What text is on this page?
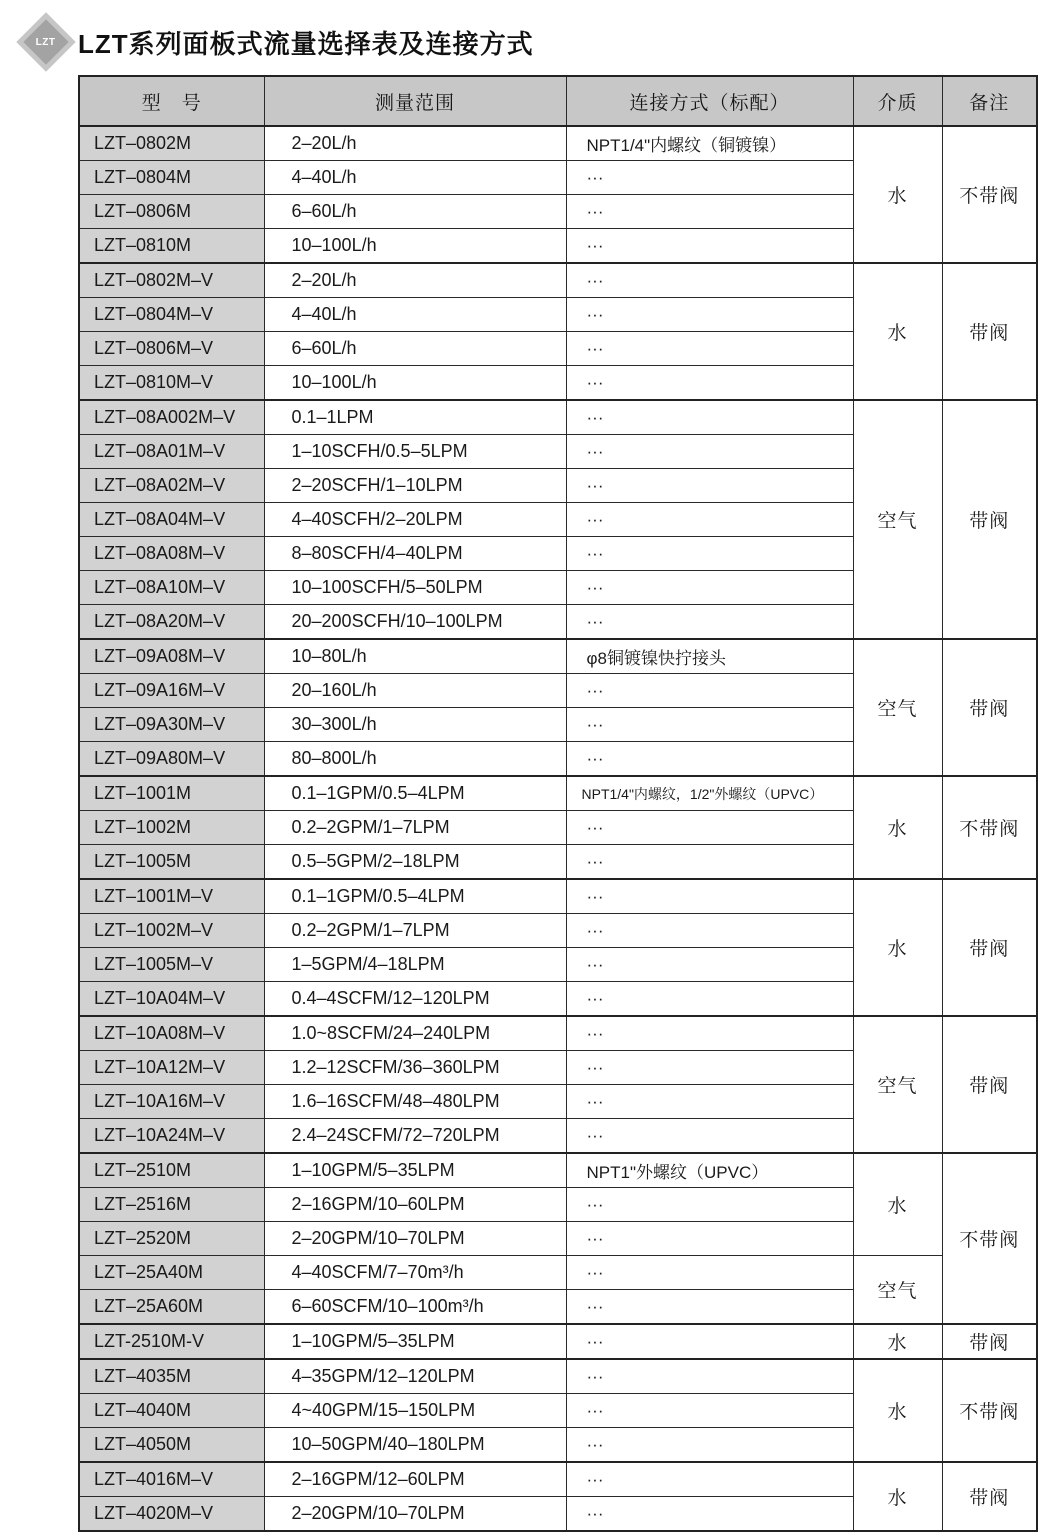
LZT LZT系列面板式流量选择表及连接方式
型　号	测量范围	连接方式（标配）	介质	备注
LZT–0802M	2–20L/h	NPT1/4"内螺纹（铜镀镍）	水	不带阀
LZT–0804M	4–40L/h	···		
LZT–0806M	6–60L/h	···		
LZT–0810M	10–100L/h	···		
LZT–0802M–V	2–20L/h	···	水	带阀
LZT–0804M–V	4–40L/h	···		
LZT–0806M–V	6–60L/h	···		
LZT–0810M–V	10–100L/h	···		
LZT–08A002M–V	0.1–1LPM	···	空气	带阀
LZT–08A01M–V	1–10SCFH/0.5–5LPM	···		
LZT–08A02M–V	2–20SCFH/1–10LPM	···		
LZT–08A04M–V	4–40SCFH/2–20LPM	···		
LZT–08A08M–V	8–80SCFH/4–40LPM	···		
LZT–08A10M–V	10–100SCFH/5–50LPM	···		
LZT–08A20M–V	20–200SCFH/10–100LPM	···		
LZT–09A08M–V	10–80L/h	φ8铜镀镍快拧接头	空气	带阀
LZT–09A16M–V	20–160L/h	···		
LZT–09A30M–V	30–300L/h	···		
LZT–09A80M–V	80–800L/h	···		
LZT–1001M	0.1–1GPM/0.5–4LPM	NPT1/4"内螺纹，1/2"外螺纹（UPVC）	水	不带阀
LZT–1002M	0.2–2GPM/1–7LPM	···		
LZT–1005M	0.5–5GPM/2–18LPM	···		
LZT–1001M–V	0.1–1GPM/0.5–4LPM	···	水	带阀
LZT–1002M–V	0.2–2GPM/1–7LPM	···		
LZT–1005M–V	1–5GPM/4–18LPM	···		
LZT–10A04M–V	0.4–4SCFM/12–120LPM	···		
LZT–10A08M–V	1.0~8SCFM/24–240LPM	···	空气	带阀
LZT–10A12M–V	1.2–12SCFM/36–360LPM	···		
LZT–10A16M–V	1.6–16SCFM/48–480LPM	···		
LZT–10A24M–V	2.4–24SCFM/72–720LPM	···		
LZT–2510M	1–10GPM/5–35LPM	NPT1"外螺纹（UPVC）	水	不带阀
LZT–2516M	2–16GPM/10–60LPM	···		
LZT–2520M	2–20GPM/10–70LPM	···		
LZT–25A40M	4–40SCFM/7–70m³/h	···	空气	
LZT–25A60M	6–60SCFM/10–100m³/h	···		
LZT-2510M-V	1–10GPM/5–35LPM	···	水	带阀
LZT–4035M	4–35GPM/12–120LPM	···	水	不带阀
LZT–4040M	4~40GPM/15–150LPM	···		
LZT–4050M	10–50GPM/40–180LPM	···		
LZT–4016M–V	2–16GPM/12–60LPM	···	水	带阀
LZT–4020M–V	2–20GPM/10–70LPM	···		
